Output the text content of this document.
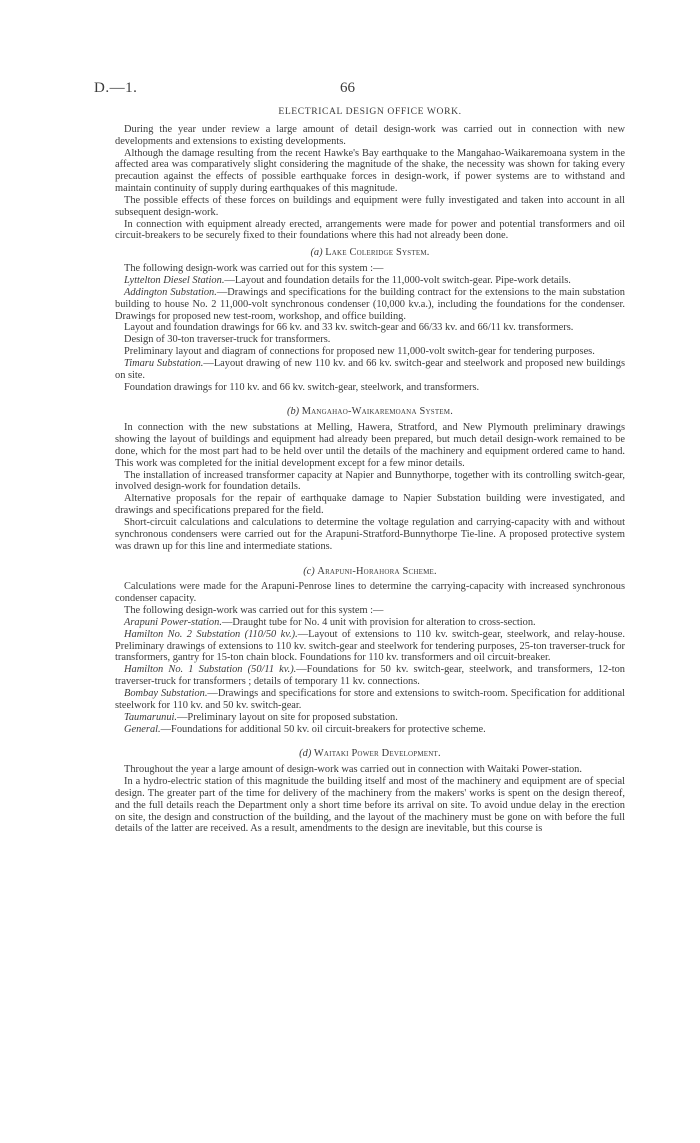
D.—1.	66
ELECTRICAL DESIGN OFFICE WORK.

During the year under review a large amount of detail design-work was carried out in connection with new developments and extensions to existing developments.

Although the damage resulting from the recent Hawke's Bay earthquake to the Mangahao-Waikaremoana system in the affected area was comparatively slight considering the magnitude of the shake, the necessity was shown for taking every precaution against the effects of possible earthquake forces in design-work, if power systems are to withstand and maintain continuity of supply during earthquakes of this magnitude.

The possible effects of these forces on buildings and equipment were fully investigated and taken into account in all subsequent design-work.

In connection with equipment already erected, arrangements were made for power and potential transformers and oil circuit-breakers to be securely fixed to their foundations where this had not already been done.

(a) Lake Coleridge System.

The following design-work was carried out for this system :—

Lyttelton Diesel Station.—Layout and foundation details for the 11,000-volt switch-gear. Pipe-work details.

Addington Substation.—Drawings and specifications for the building contract for the extensions to the main substation building to house No. 2 11,000-volt synchronous condenser (10,000 kv.a.), including the foundations for the condenser. Drawings for proposed new test-room, workshop, and office building.

Layout and foundation drawings for 66 kv. and 33 kv. switch-gear and 66/33 kv. and 66/11 kv. transformers.

Design of 30-ton traverser-truck for transformers.

Preliminary layout and diagram of connections for proposed new 11,000-volt switch-gear for tendering purposes.

Timaru Substation.—Layout drawing of new 110 kv. and 66 kv. switch-gear and steelwork and proposed new buildings on site.

Foundation drawings for 110 kv. and 66 kv. switch-gear, steelwork, and transformers.

(b) Mangahao-Waikaremoana System.

In connection with the new substations at Melling, Hawera, Stratford, and New Plymouth preliminary drawings showing the layout of buildings and equipment had already been prepared, but much detail design-work remained to be done, which for the most part had to be held over until the details of the machinery and equipment ordered came to hand. This work was completed for the initial development except for a few minor details.

The installation of increased transformer capacity at Napier and Bunnythorpe, together with its controlling switch-gear, involved design-work for foundation details.

Alternative proposals for the repair of earthquake damage to Napier Substation building were investigated, and drawings and specifications prepared for the field.

Short-circuit calculations and calculations to determine the voltage regulation and carrying-capacity with and without synchronous condensers were carried out for the Arapuni-Stratford-Bunnythorpe Tie-line. A proposed protective system was drawn up for this line and intermediate stations.

(c) Arapuni-Horahora Scheme.

Calculations were made for the Arapuni-Penrose lines to determine the carrying-capacity with increased synchronous condenser capacity.

The following design-work was carried out for this system :—

Arapuni Power-station.—Draught tube for No. 4 unit with provision for alteration to cross-section.

Hamilton No. 2 Substation (110/50 kv.).—Layout of extensions to 110 kv. switch-gear, steelwork, and relay-house. Preliminary drawings of extensions to 110 kv. switch-gear and steelwork for tendering purposes, 25-ton traverser-truck for transformers, gantry for 15-ton chain block. Foundations for 110 kv. transformers and oil circuit-breaker.

Hamilton No. 1 Substation (50/11 kv.).—Foundations for 50 kv. switch-gear, steelwork, and transformers, 12-ton traverser-truck for transformers ; details of temporary 11 kv. connections.

Bombay Substation.—Drawings and specifications for store and extensions to switch-room. Specification for additional steelwork for 110 kv. and 50 kv. switch-gear.

Taumarunui.—Preliminary layout on site for proposed substation.

General.—Foundations for additional 50 kv. oil circuit-breakers for protective scheme.

(d) Waitaki Power Development.

Throughout the year a large amount of design-work was carried out in connection with Waitaki Power-station.

In a hydro-electric station of this magnitude the building itself and most of the machinery and equipment are of special design. The greater part of the time for delivery of the machinery from the makers' works is spent on the design thereof, and the full details reach the Department only a short time before its arrival on site. To avoid undue delay in the erection on site, the design and construction of the building, and the layout of the machinery must be gone on with before the full details of the latter are received. As a result, amendments to the design are inevitable, but this course is
